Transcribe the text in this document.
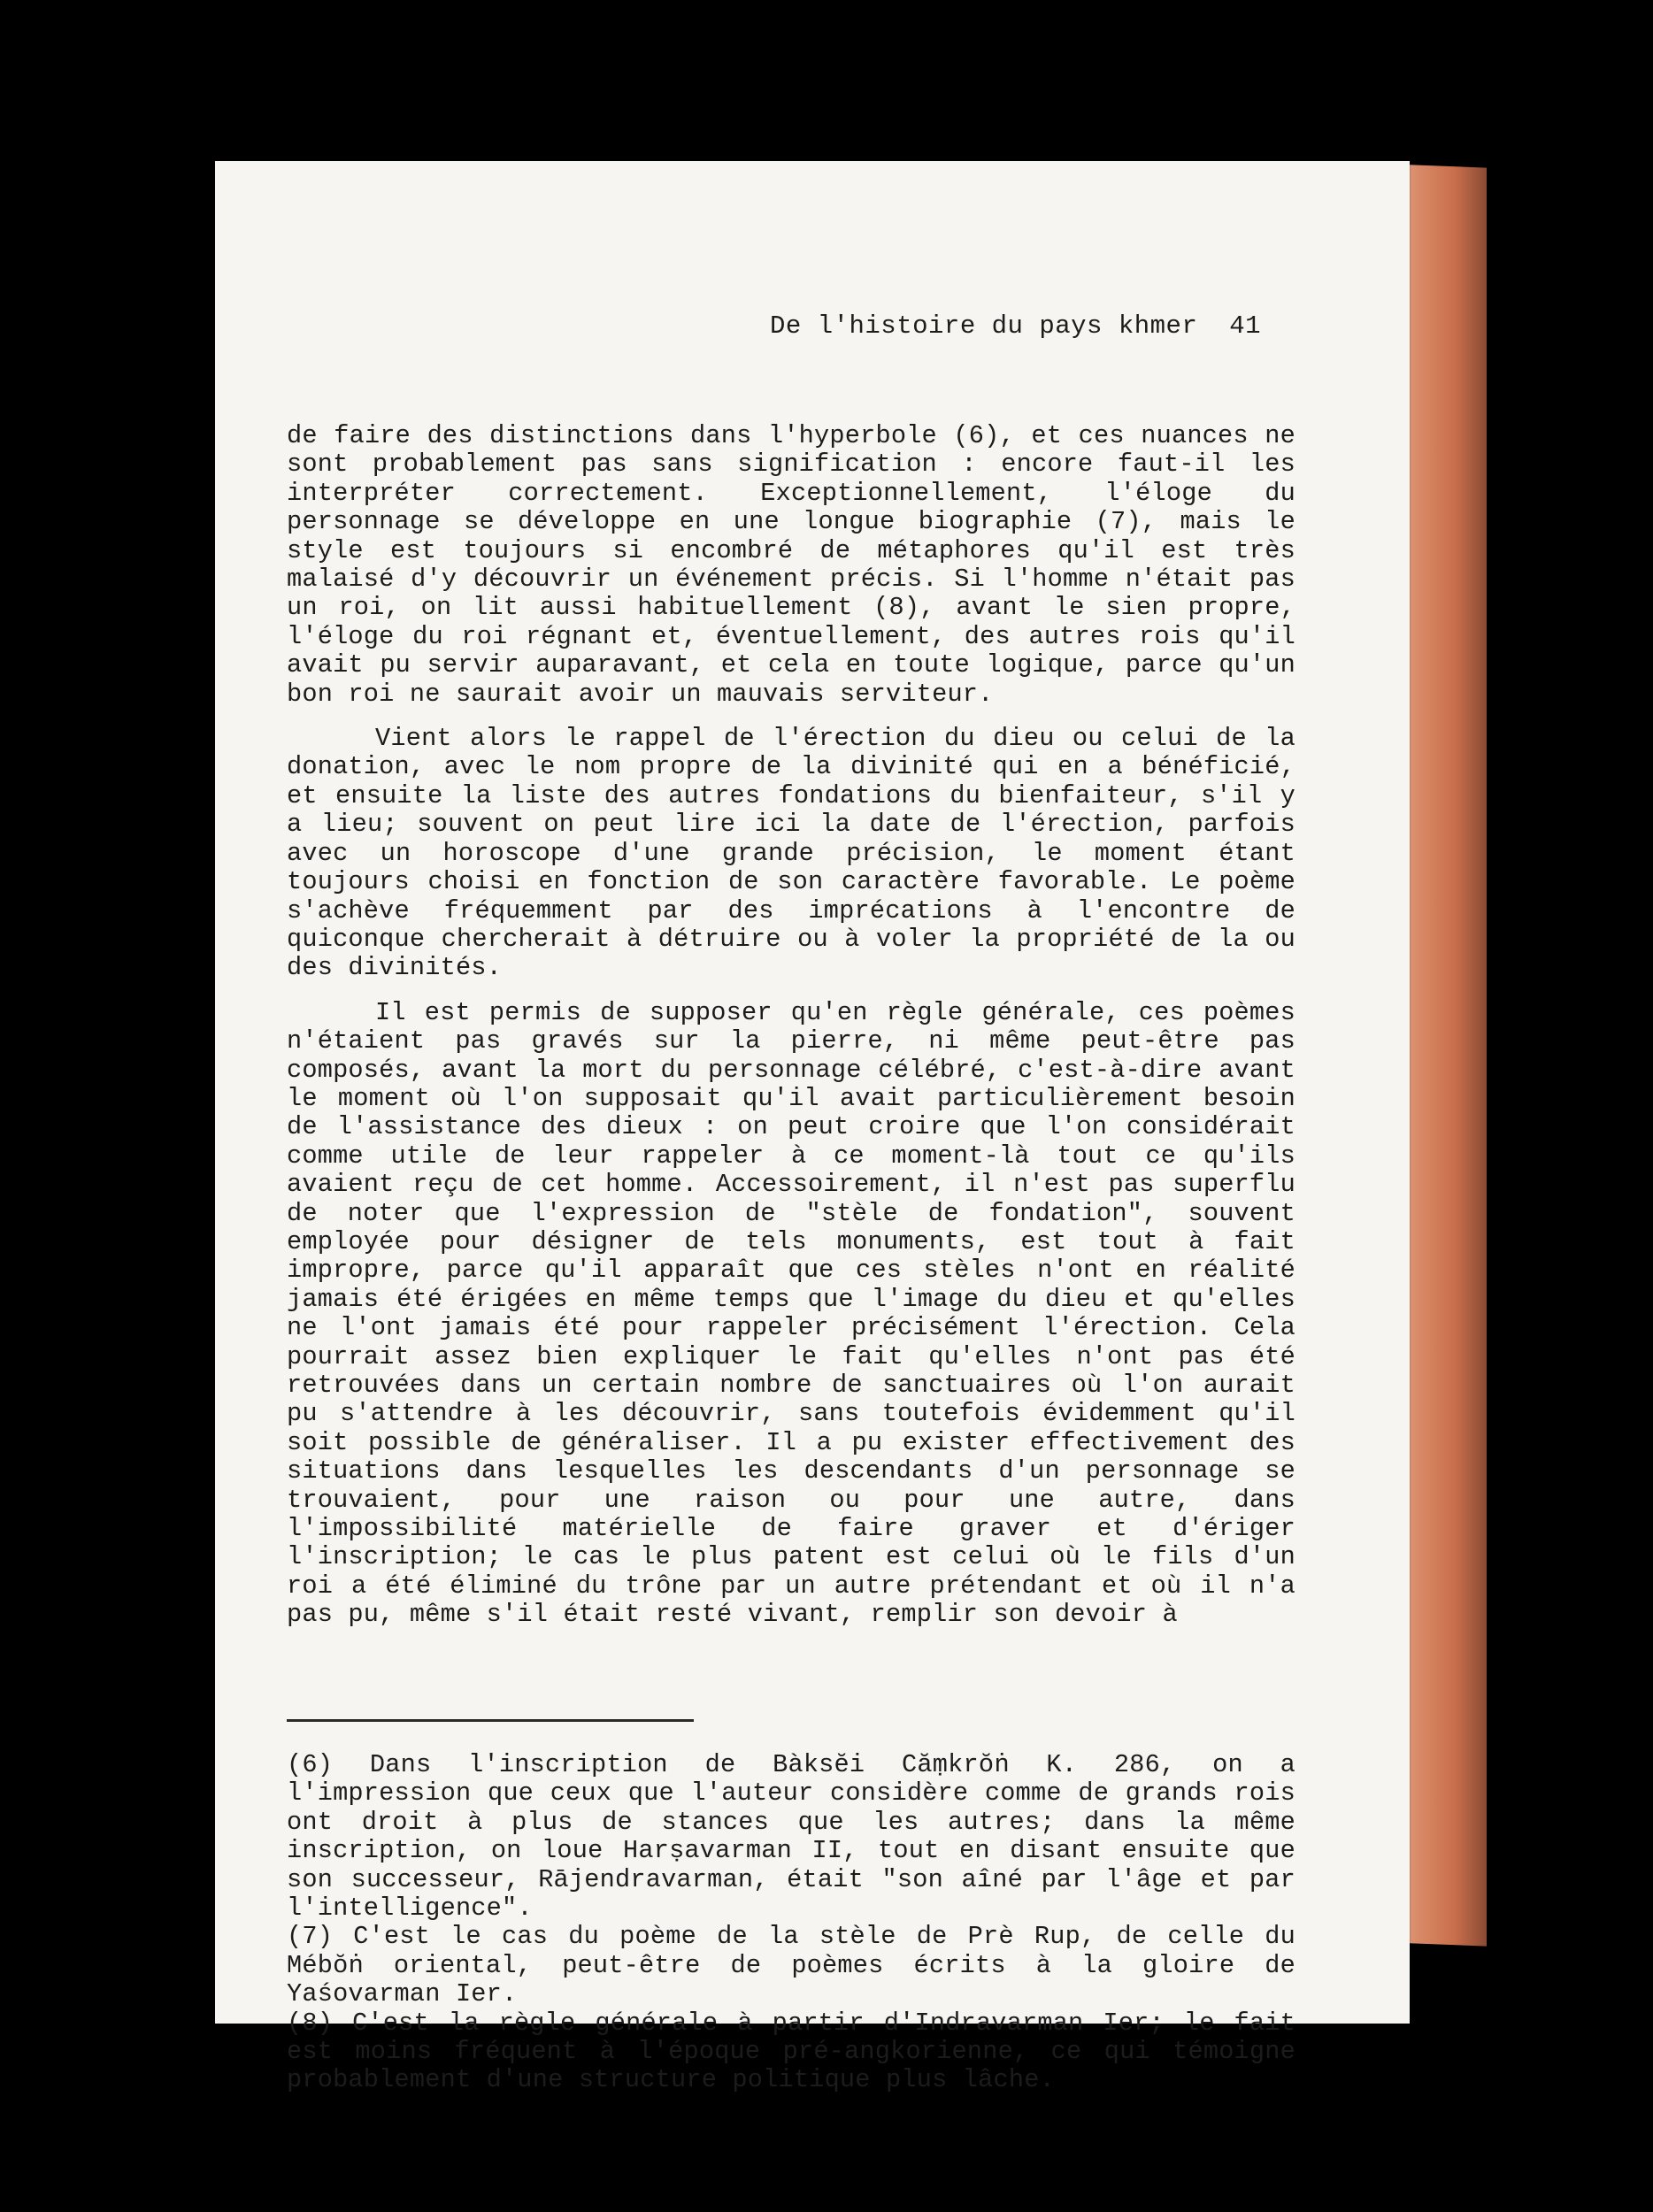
De l'histoire du pays khmer 41

de faire des distinctions dans l'hyperbole (6), et ces nuances ne sont probablement pas sans signification : encore faut-il les interpréter correctement. Exceptionnellement, l'éloge du personnage se développe en une longue biographie (7), mais le style est toujours si encombré de métaphores qu'il est très malaisé d'y découvrir un événement précis. Si l'homme n'était pas un roi, on lit aussi habituellement (8), avant le sien propre, l'éloge du roi régnant et, éventuellement, des autres rois qu'il avait pu servir auparavant, et cela en toute logique, parce qu'un bon roi ne saurait avoir un mauvais serviteur.

Vient alors le rappel de l'érection du dieu ou celui de la donation, avec le nom propre de la divinité qui en a bénéficié, et ensuite la liste des autres fondations du bienfaiteur, s'il y a lieu; souvent on peut lire ici la date de l'érection, parfois avec un horoscope d'une grande précision, le moment étant toujours choisi en fonction de son caractère favorable. Le poème s'achève fréquemment par des imprécations à l'encontre de quiconque chercherait à détruire ou à voler la propriété de la ou des divinités.

Il est permis de supposer qu'en règle générale, ces poèmes n'étaient pas gravés sur la pierre, ni même peut-être pas composés, avant la mort du personnage célébré, c'est-à-dire avant le moment où l'on supposait qu'il avait particulièrement besoin de l'assistance des dieux : on peut croire que l'on considérait comme utile de leur rappeler à ce moment-là tout ce qu'ils avaient reçu de cet homme. Accessoirement, il n'est pas superflu de noter que l'expression de "stèle de fondation", souvent employée pour désigner de tels monuments, est tout à fait impropre, parce qu'il apparaît que ces stèles n'ont en réalité jamais été érigées en même temps que l'image du dieu et qu'elles ne l'ont jamais été pour rappeler précisément l'érection. Cela pourrait assez bien expliquer le fait qu'elles n'ont pas été retrouvées dans un certain nombre de sanctuaires où l'on aurait pu s'attendre à les découvrir, sans toutefois évidemment qu'il soit possible de généraliser. Il a pu exister effectivement des situations dans lesquelles les descendants d'un personnage se trouvaient, pour une raison ou pour une autre, dans l'impossibilité matérielle de faire graver et d'ériger l'inscription; le cas le plus patent est celui où le fils d'un roi a été éliminé du trône par un autre prétendant et où il n'a pas pu, même s'il était resté vivant, remplir son devoir à

(6) Dans l'inscription de Bàksĕi Căṃkrŏṅ K. 286, on a l'impression que ceux que l'auteur considère comme de grands rois ont droit à plus de stances que les autres; dans la même inscription, on loue Harṣavarman II, tout en disant ensuite que son successeur, Rājendravarman, était "son aîné par l'âge et par l'intelligence".

(7) C'est le cas du poème de la stèle de Prè Rup, de celle du Mébŏṅ oriental, peut-être de poèmes écrits à la gloire de Yaśovarman Ier.

(8) C'est la règle générale à partir d'Indravarman Ier; le fait est moins fréquent à l'époque pré-angkorienne, ce qui témoigne probablement d'une structure politique plus lâche.
